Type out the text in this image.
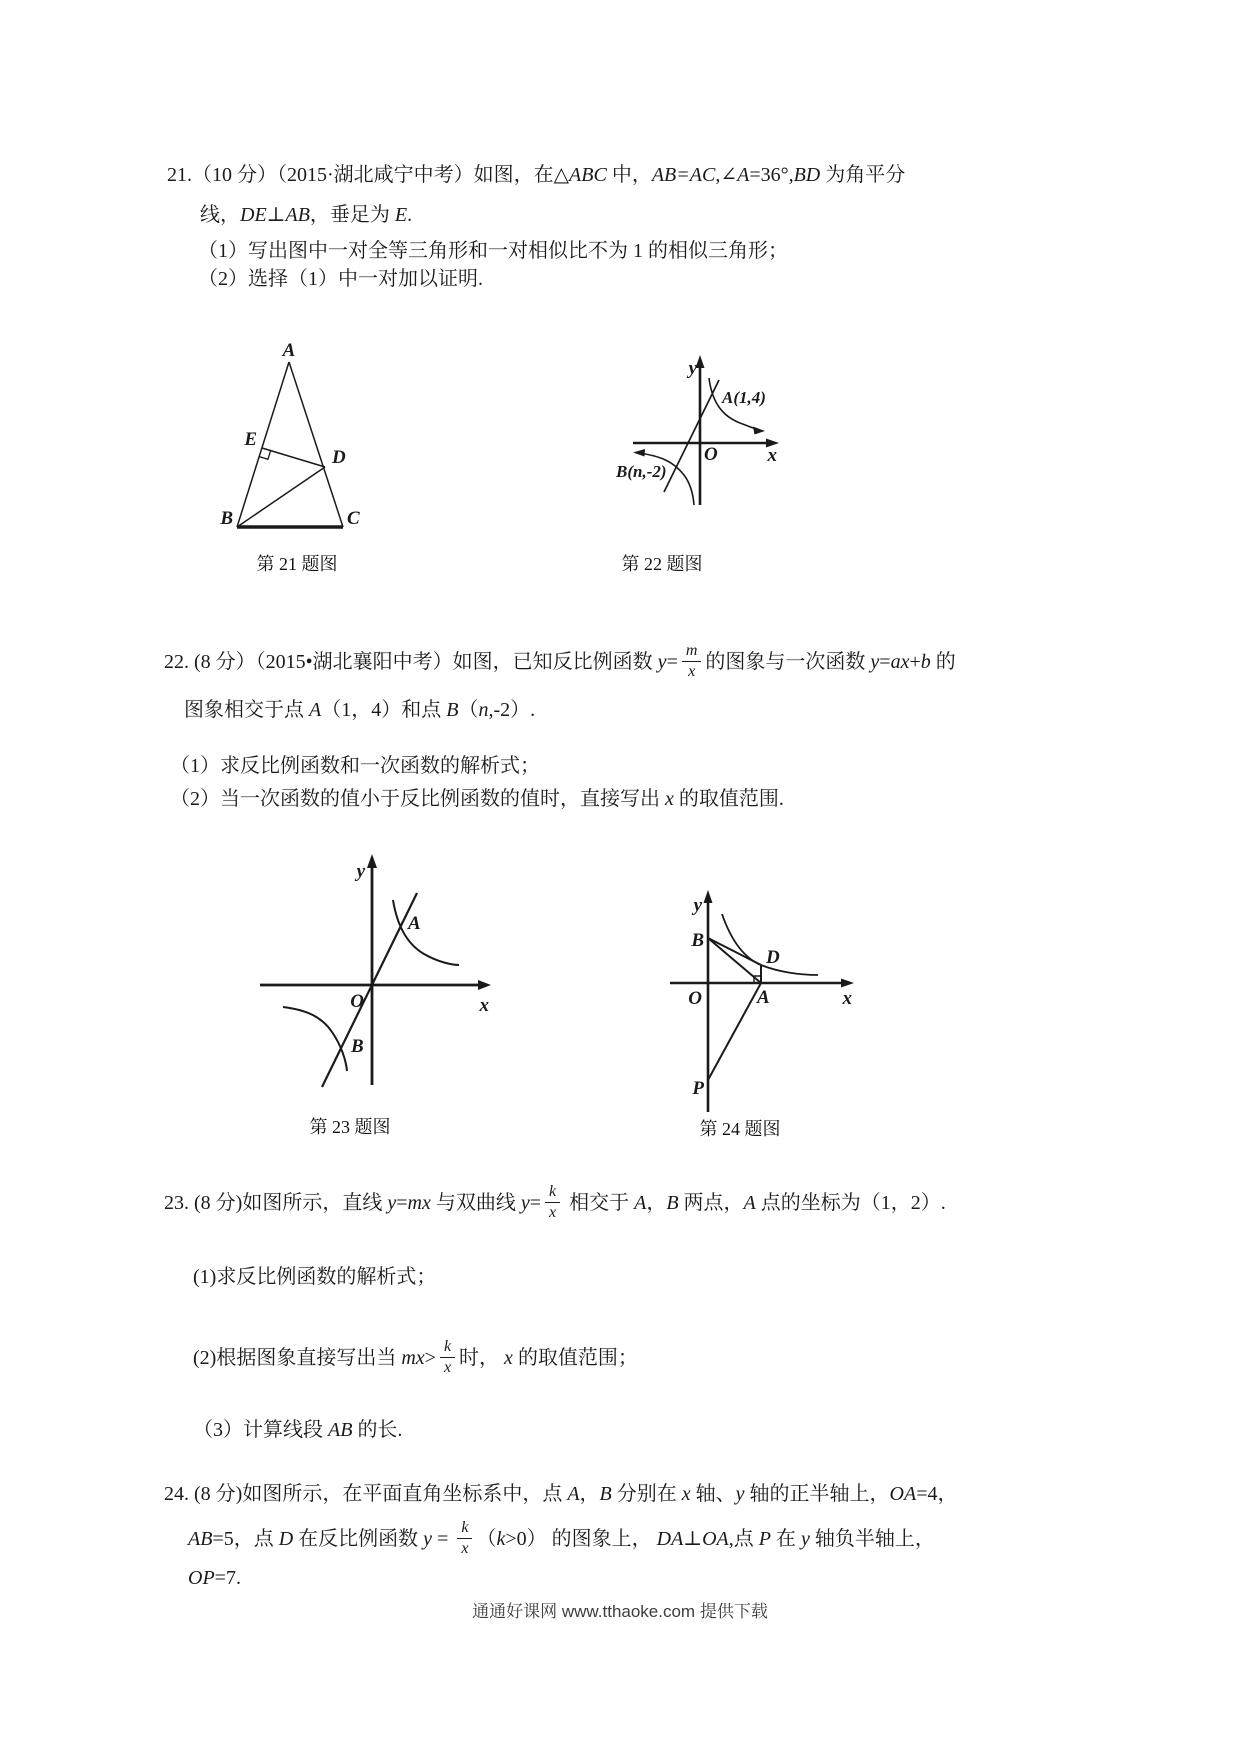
21.（10 分）（2015·湖北咸宁中考）如图，在△ABC 中，AB=AC,∠A=36°,BD 为角平分
线，DE⊥AB，垂足为 E.
（1）写出图中一对全等三角形和一对相似比不为 1 的相似三角形；
（2）选择（1）中一对加以证明.
A
E
D
B	C
第 21 题图
y
x
O
A(1,4)
B(n,-2)
第 22 题图
22. (8 分）（2015•湖北襄阳中考）如图，已知反比例函数 $y= \frac{m}{x}$ 的图象与一次函数 y=ax+b 的
图象相交于点 A（1，4）和点 B（n,-2）.
（1）求反比例函数和一次函数的解析式；
（2）当一次函数的值小于反比例函数的值时，直接写出 x 的取值范围.
y
x
O
A
B
第 23 题图
y
x
O
B
D
A
P
第 24 题图
23. (8 分)如图所示，直线 y=mx 与双曲线 $y= \frac{k}{x}$ 相交于 A，B 两点，A 点的坐标为（1，2）.
(1)求反比例函数的解析式；
(2)根据图象直接写出当 $mx> \frac{k}{x}$ 时， x 的取值范围；
（3）计算线段 AB 的长.
24. (8 分)如图所示，在平面直角坐标系中，点 A，B 分别在 x 轴、y 轴的正半轴上，OA=4，
AB=5，点 D 在反比例函数 $y = \frac{k}{x} (k>0)$ 的图象上， DA⊥OA,点 P 在 y 轴负半轴上，
OP=7.
通通好课网 www.tthaoke.com 提供下载
